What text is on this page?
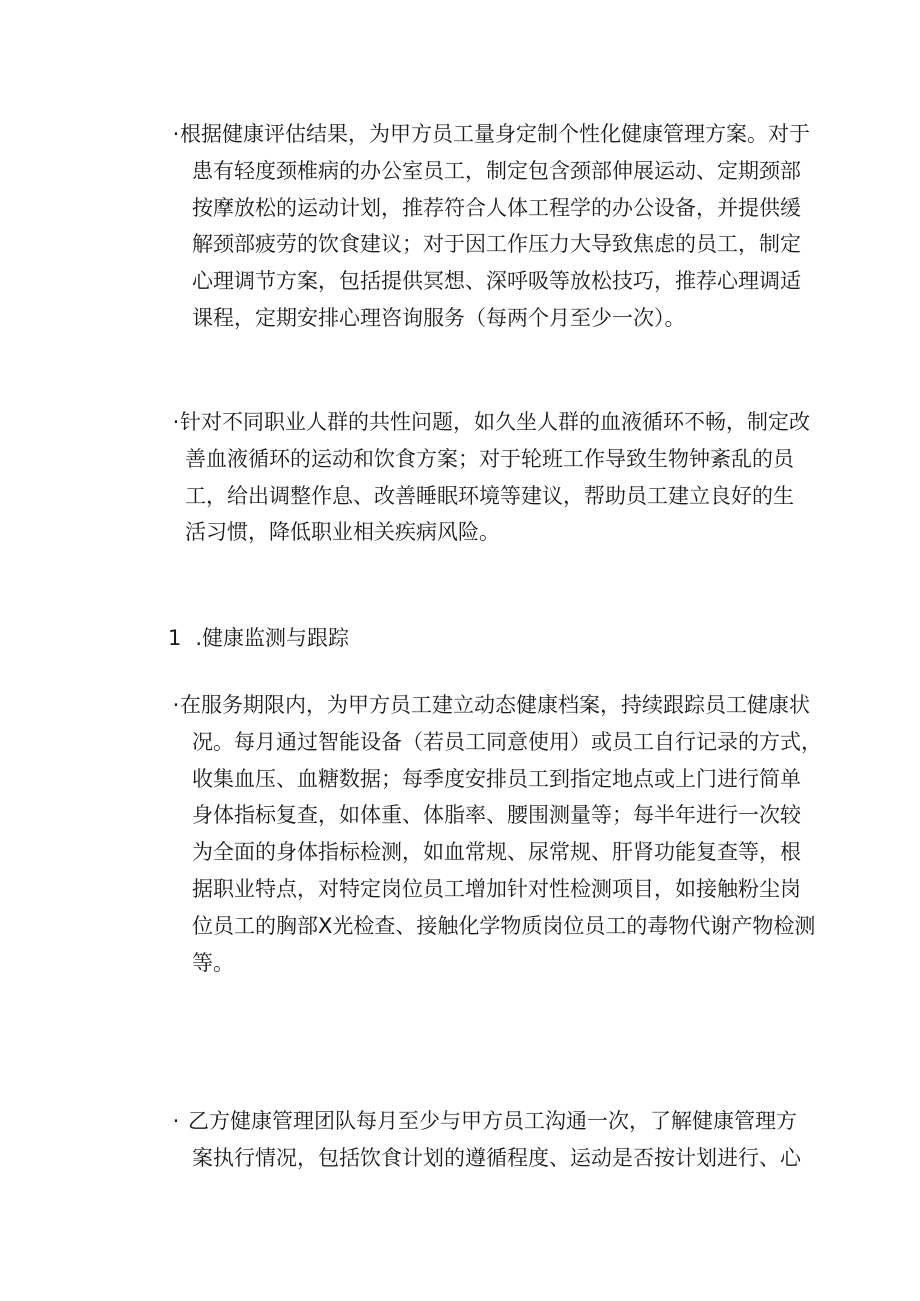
· 根据健康评估结果，为甲方员工量身定制个性化健康管理方案。对于
患有轻度颈椎病的办公室员工，制定包含颈部伸展运动、定期颈部
按摩放松的运动计划，推荐符合人体工程学的办公设备，并提供缓
解颈部疲劳的饮食建议；对于因工作压力大导致焦虑的员工，制定
心理调节方案，包括提供冥想、深呼吸等放松技巧，推荐心理调适
课程，定期安排心理咨询服务（每两个月至少一次）。
· 针对不同职业人群的共性问题，如久坐人群的血液循环不畅，制定改
善血液循环的运动和饮食方案；对于轮班工作导致生物钟紊乱的员
工，给出调整作息、改善睡眠环境等建议，帮助员工建立良好的生
活习惯，降低职业相关疾病风险。
1 .健康监测与跟踪
· 在服务期限内，为甲方员工建立动态健康档案，持续跟踪员工健康状
况。每月通过智能设备（若员工同意使用）或员工自行记录的方式，
收集血压、血糖数据；每季度安排员工到指定地点或上门进行简单
身体指标复查，如体重、体脂率、腰围测量等；每半年进行一次较
为全面的身体指标检测，如血常规、尿常规、肝肾功能复查等，根
据职业特点，对特定岗位员工增加针对性检测项目，如接触粉尘岗
位员工的胸部X光检查、接触化学物质岗位员工的毒物代谢产物检测
等。
· 乙方健康管理团队每月至少与甲方员工沟通一次，了解健康管理方
案执行情况，包括饮食计划的遵循程度、运动是否按计划进行、心
